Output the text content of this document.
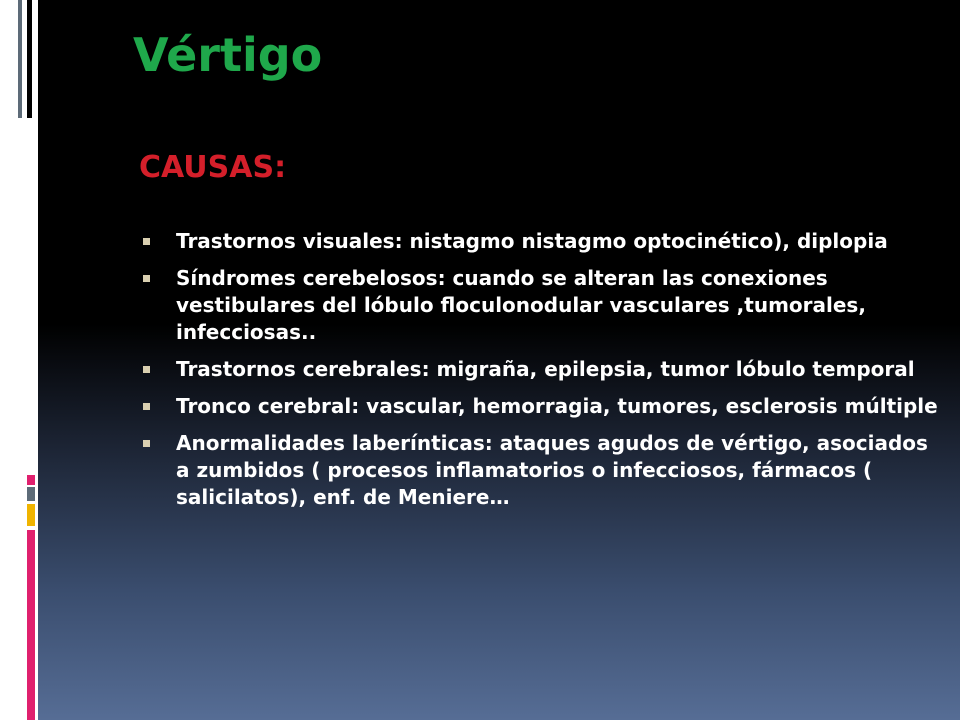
Vértigo
CAUSAS:
Trastornos visuales: nistagmo nistagmo optocinético), diplopia
Síndromes cerebelosos: cuando se alteran las conexiones vestibulares del lóbulo floculonodular vasculares ,tumorales, infecciosas..
Trastornos cerebrales: migraña, epilepsia, tumor lóbulo temporal
Tronco cerebral: vascular, hemorragia, tumores, esclerosis múltiple
Anormalidades laberínticas: ataques agudos de vértigo, asociados a zumbidos ( procesos inflamatorios o infecciosos, fármacos ( salicilatos), enf. de Meniere…
